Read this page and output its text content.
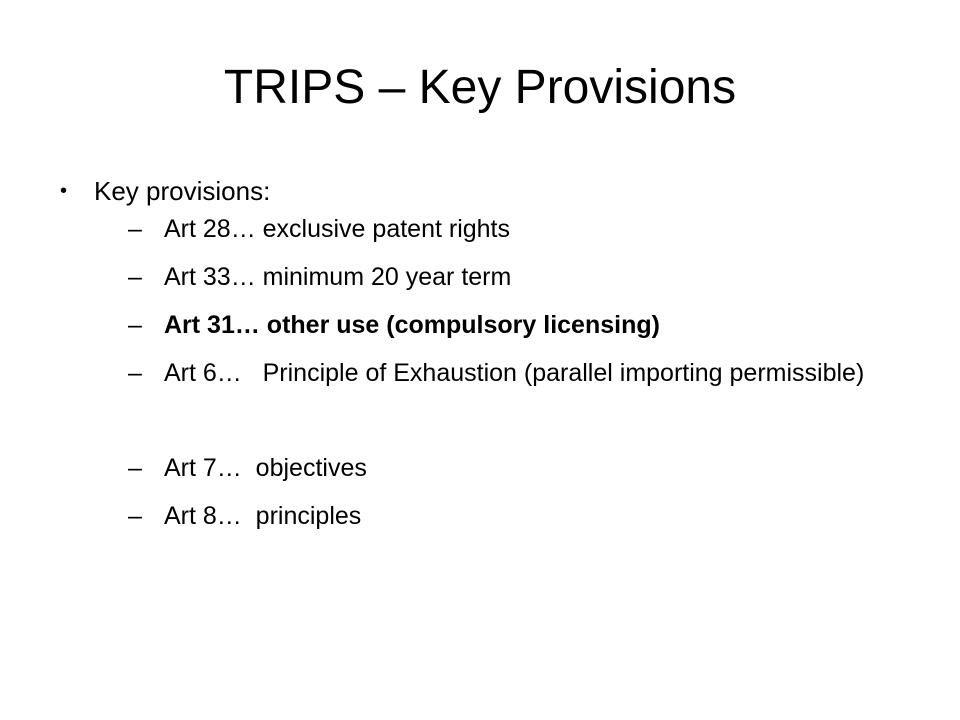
TRIPS – Key Provisions
•	Key provisions:
– Art 28… exclusive patent rights
– Art 33… minimum 20 year term
– Art 31… other use (compulsory licensing)
– Art 6…   Principle of Exhaustion (parallel importing permissible)
– Art 7…  objectives
– Art 8…  principles
